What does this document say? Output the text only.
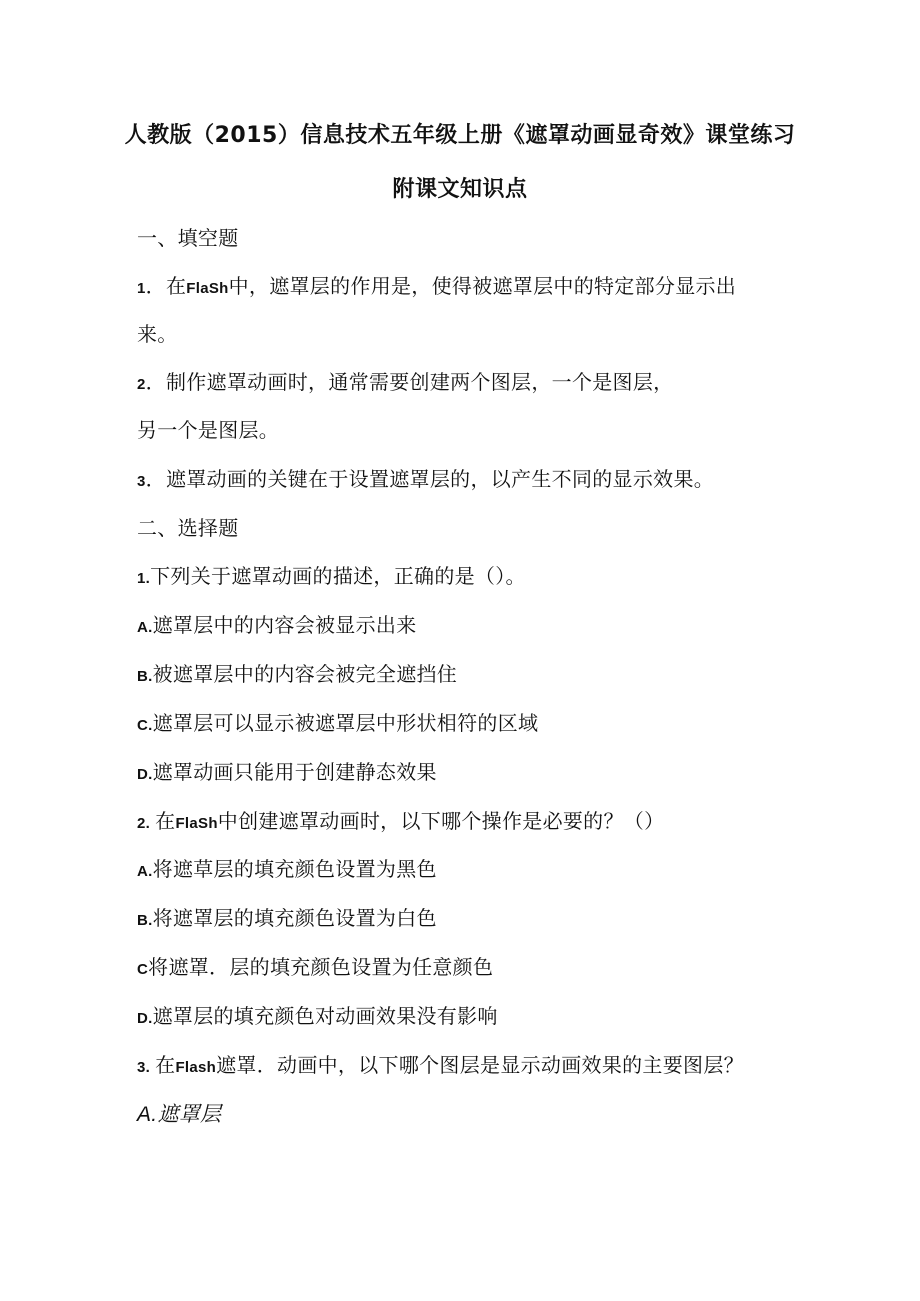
人教版（2015）信息技术五年级上册《遮罩动画显奇效》课堂练习
附课文知识点
一、填空题
1．在FlaSh中，遮罩层的作用是，使得被遮罩层中的特定部分显示出
来。
2．制作遮罩动画时，通常需要创建两个图层，一个是图层，
另一个是图层。
3．遮罩动画的关键在于设置遮罩层的，以产生不同的显示效果。
二、选择题
1.下列关于遮罩动画的描述，正确的是（）。
A.遮罩层中的内容会被显示出来
B.被遮罩层中的内容会被完全遮挡住
C.遮罩层可以显示被遮罩层中形状相符的区域
D.遮罩动画只能用于创建静态效果
2. 在FlaSh中创建遮罩动画时，以下哪个操作是必要的？（）
A.将遮草层的填充颜色设置为黑色
B.将遮罩层的填充颜色设置为白色
C将遮罩．层的填充颜色设置为任意颜色
D.遮罩层的填充颜色对动画效果没有影响
3. 在Flash遮罩．动画中，以下哪个图层是显示动画效果的主要图层？
A.遮罩层
